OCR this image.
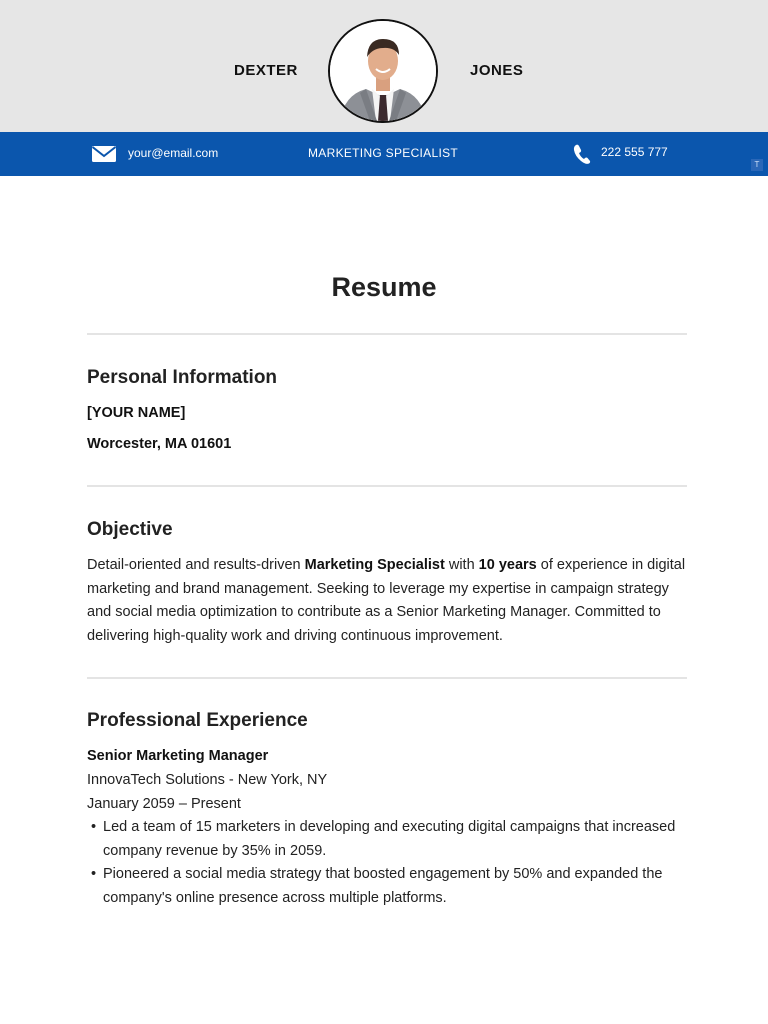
DEXTER	JONES
your@email.com	MARKETING SPECIALIST	222 555 777
T
Resume
Personal Information
[YOUR NAME]
Worcester, MA 01601
Objective
Detail-oriented and results-driven Marketing Specialist with 10 years of experience in digital marketing and brand management. Seeking to leverage my expertise in campaign strategy and social media optimization to contribute as a Senior Marketing Manager. Committed to delivering high-quality work and driving continuous improvement.
Professional Experience
Senior Marketing Manager
InnovaTech Solutions - New York, NY
January 2059 – Present
• Led a team of 15 marketers in developing and executing digital campaigns that increased company revenue by 35% in 2059.
• Pioneered a social media strategy that boosted engagement by 50% and expanded the company's online presence across multiple platforms.
